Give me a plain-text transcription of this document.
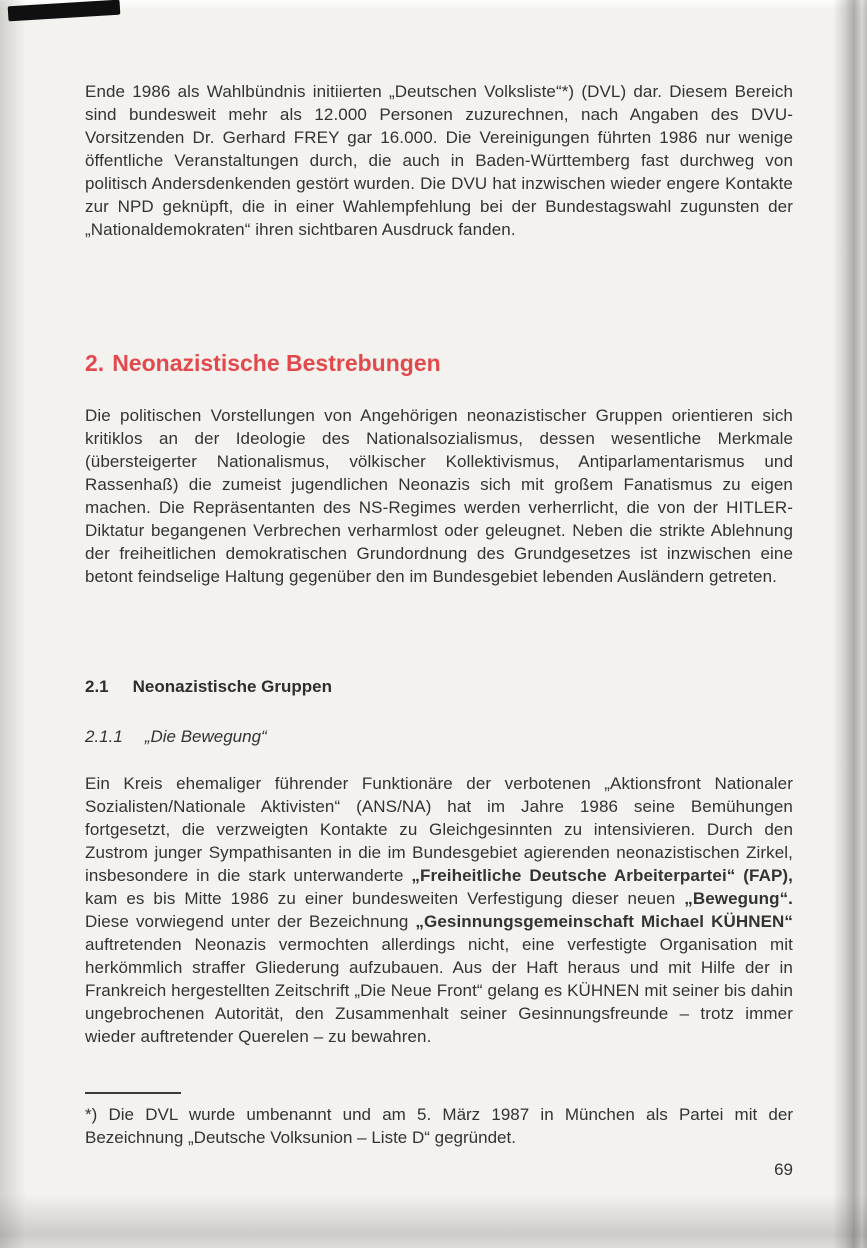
Ende 1986 als Wahlbündnis initiierten „Deutschen Volksliste“*) (DVL) dar. Diesem Bereich sind bundesweit mehr als 12.000 Personen zuzurechnen, nach Angaben des DVU-Vorsitzenden Dr. Gerhard FREY gar 16.000. Die Vereinigungen führten 1986 nur wenige öffentliche Veranstaltungen durch, die auch in Baden-Württemberg fast durchweg von politisch Andersdenkenden gestört wurden. Die DVU hat inzwischen wieder engere Kontakte zur NPD geknüpft, die in einer Wahlempfehlung bei der Bundestagswahl zugunsten der „Nationaldemokraten“ ihren sichtbaren Ausdruck fanden.

2. Neonazistische Bestrebungen

Die politischen Vorstellungen von Angehörigen neonazistischer Gruppen orientieren sich kritiklos an der Ideologie des Nationalsozialismus, dessen wesentliche Merkmale (übersteigerter Nationalismus, völkischer Kollektivismus, Antiparlamentarismus und Rassenhaß) die zumeist jugendlichen Neonazis sich mit großem Fanatismus zu eigen machen. Die Repräsentanten des NS-Regimes werden verherrlicht, die von der HITLER-Diktatur begangenen Verbrechen verharmlost oder geleugnet. Neben die strikte Ablehnung der freiheitlichen demokratischen Grundordnung des Grundgesetzes ist inzwischen eine betont feindselige Haltung gegenüber den im Bundesgebiet lebenden Ausländern getreten.

2.1 Neonazistische Gruppen
2.1.1 „Die Bewegung“

Ein Kreis ehemaliger führender Funktionäre der verbotenen „Aktionsfront Nationaler Sozialisten/Nationale Aktivisten“ (ANS/NA) hat im Jahre 1986 seine Bemühungen fortgesetzt, die verzweigten Kontakte zu Gleichgesinnten zu intensivieren. Durch den Zustrom junger Sympathisanten in die im Bundesgebiet agierenden neonazistischen Zirkel, insbesondere in die stark unterwanderte „Freiheitliche Deutsche Arbeiterpartei“ (FAP), kam es bis Mitte 1986 zu einer bundesweiten Verfestigung dieser neuen „Bewegung“. Diese vorwiegend unter der Bezeichnung „Gesinnungsgemeinschaft Michael KÜHNEN“ auftretenden Neonazis vermochten allerdings nicht, eine verfestigte Organisation mit herkömmlich straffer Gliederung aufzubauen. Aus der Haft heraus und mit Hilfe der in Frankreich hergestellten Zeitschrift „Die Neue Front“ gelang es KÜHNEN mit seiner bis dahin ungebrochenen Autorität, den Zusammenhalt seiner Gesinnungsfreunde – trotz immer wieder auftretender Querelen – zu bewahren.

*) Die DVL wurde umbenannt und am 5. März 1987 in München als Partei mit der Bezeichnung „Deutsche Volksunion – Liste D“ gegründet.

69
